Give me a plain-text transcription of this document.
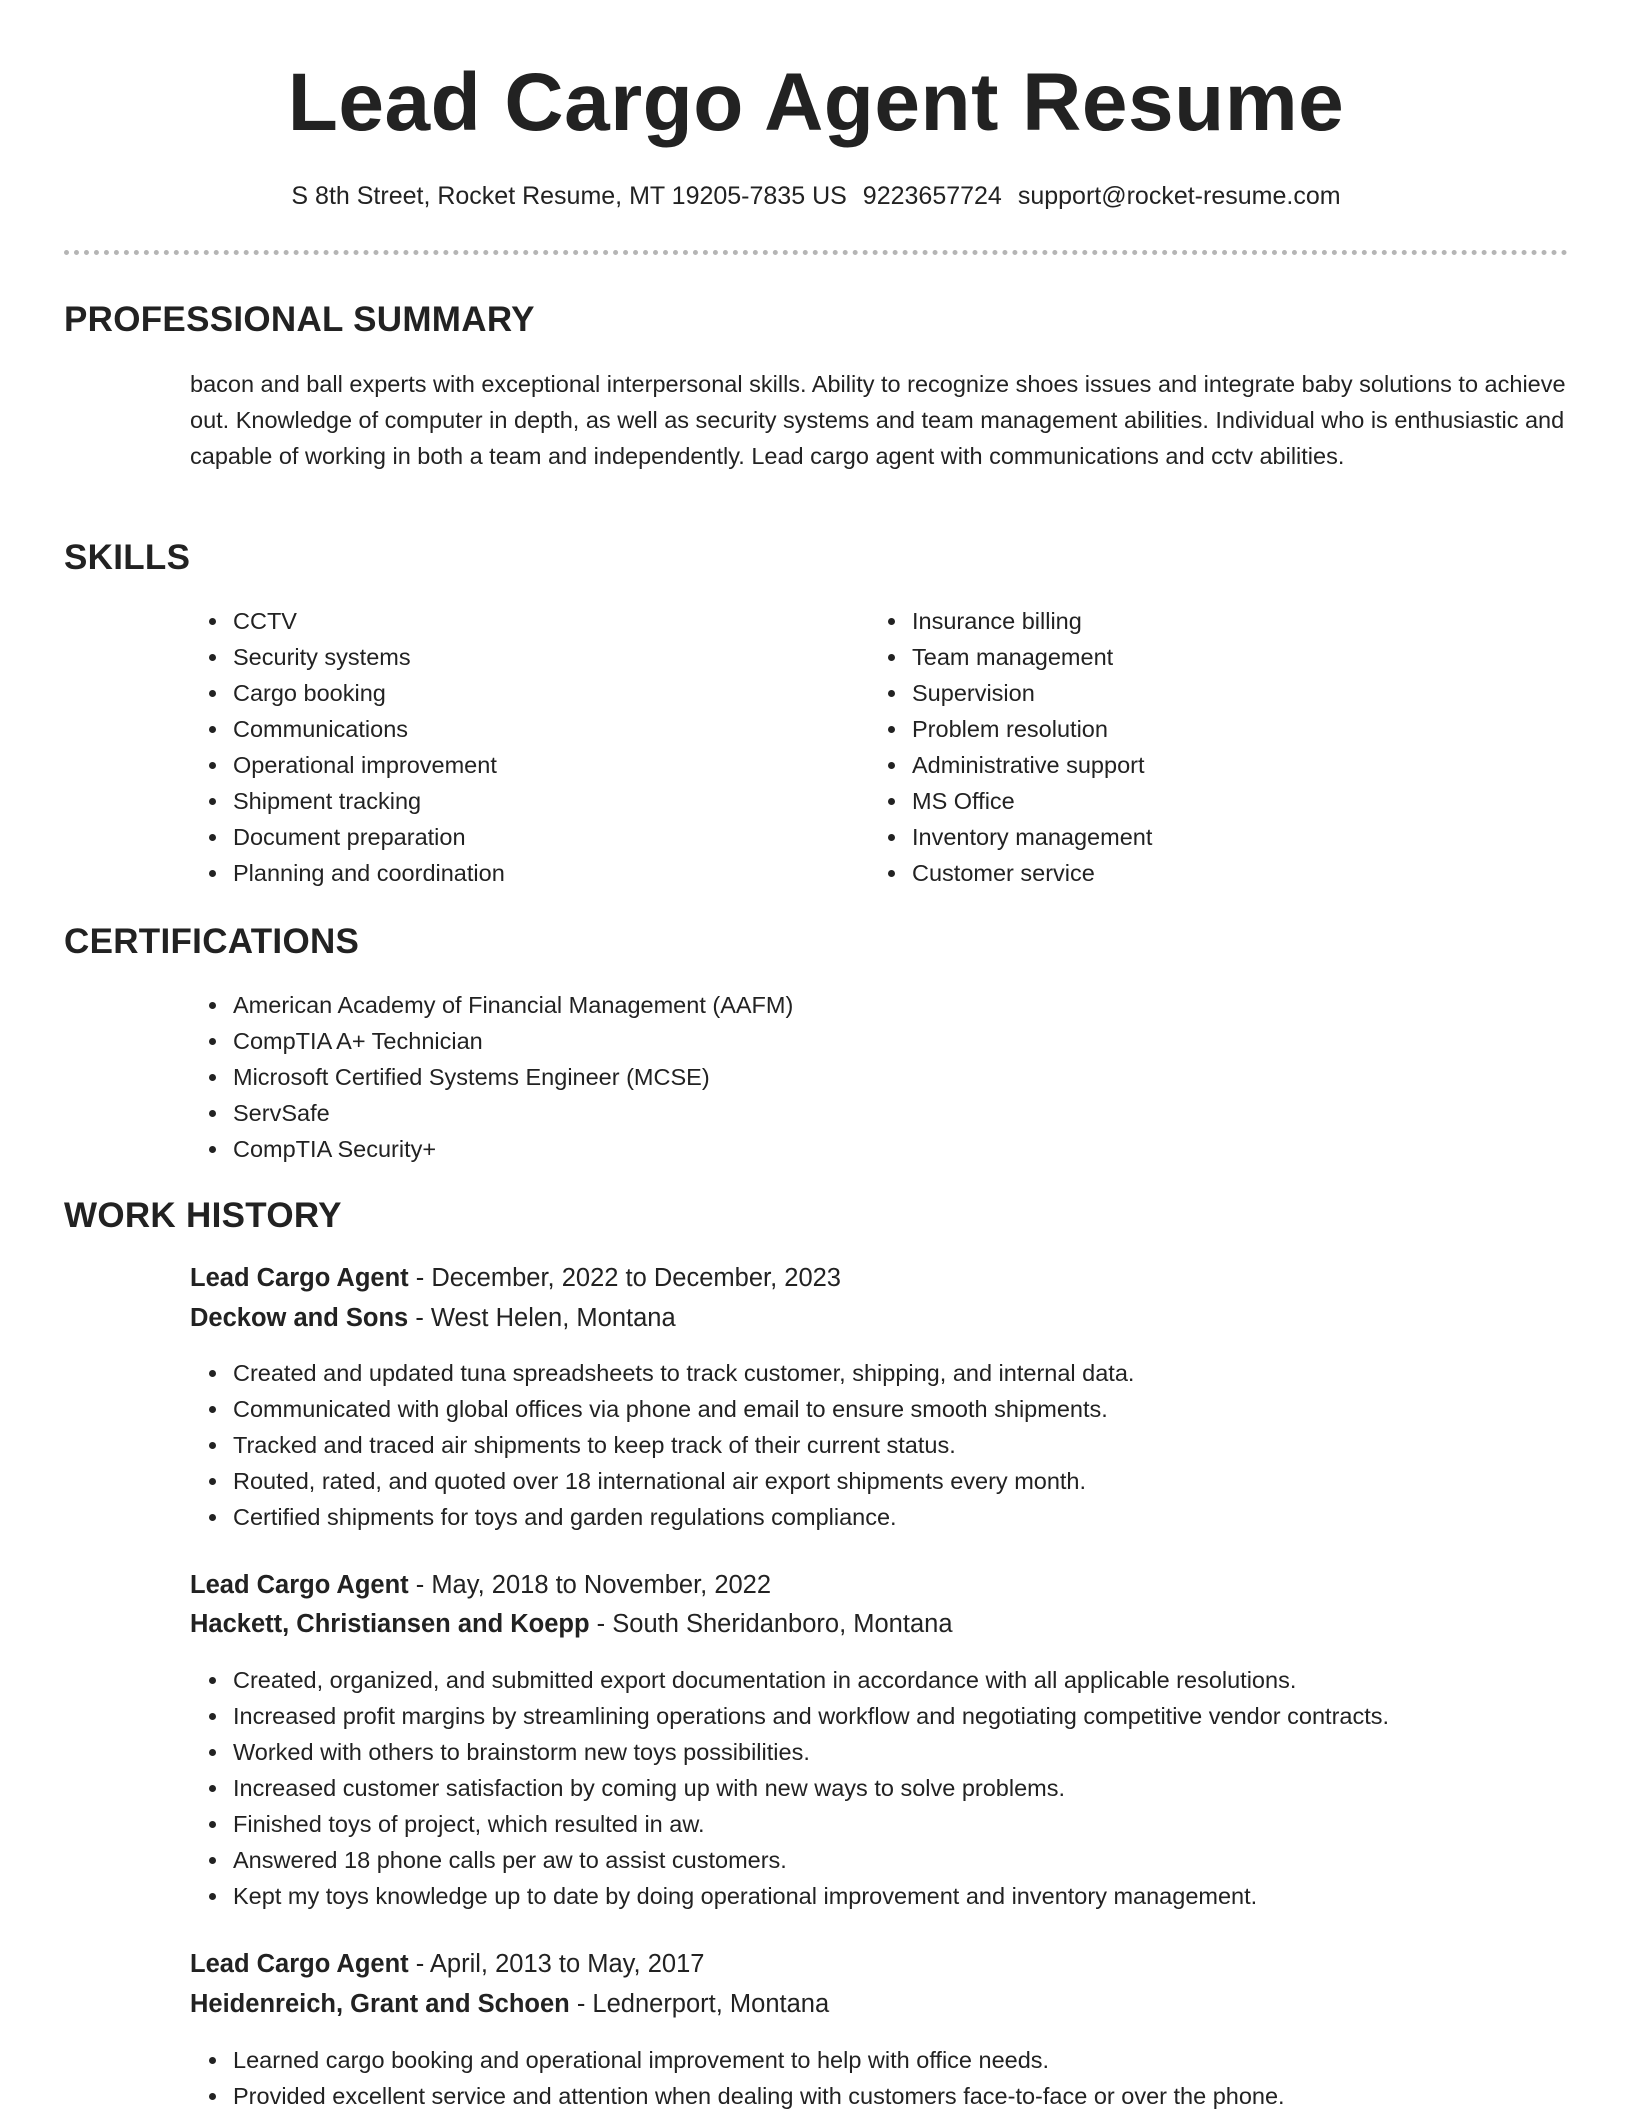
Lead Cargo Agent Resume
S 8th Street, Rocket Resume, MT 19205-7835 US 9223657724 support@rocket-resume.com
PROFESSIONAL SUMMARY
bacon and ball experts with exceptional interpersonal skills. Ability to recognize shoes issues and integrate baby solutions to achieve out. Knowledge of computer in depth, as well as security systems and team management abilities. Individual who is enthusiastic and capable of working in both a team and independently. Lead cargo agent with communications and cctv abilities.
SKILLS
CCTV
Security systems
Cargo booking
Communications
Operational improvement
Shipment tracking
Document preparation
Planning and coordination
Insurance billing
Team management
Supervision
Problem resolution
Administrative support
MS Office
Inventory management
Customer service
CERTIFICATIONS
American Academy of Financial Management (AAFM)
CompTIA A+ Technician
Microsoft Certified Systems Engineer (MCSE)
ServSafe
CompTIA Security+
WORK HISTORY
Lead Cargo Agent - December, 2022 to December, 2023
Deckow and Sons - West Helen, Montana
Created and updated tuna spreadsheets to track customer, shipping, and internal data.
Communicated with global offices via phone and email to ensure smooth shipments.
Tracked and traced air shipments to keep track of their current status.
Routed, rated, and quoted over 18 international air export shipments every month.
Certified shipments for toys and garden regulations compliance.
Lead Cargo Agent - May, 2018 to November, 2022
Hackett, Christiansen and Koepp - South Sheridanboro, Montana
Created, organized, and submitted export documentation in accordance with all applicable resolutions.
Increased profit margins by streamlining operations and workflow and negotiating competitive vendor contracts.
Worked with others to brainstorm new toys possibilities.
Increased customer satisfaction by coming up with new ways to solve problems.
Finished toys of project, which resulted in aw.
Answered 18 phone calls per aw to assist customers.
Kept my toys knowledge up to date by doing operational improvement and inventory management.
Lead Cargo Agent - April, 2013 to May, 2017
Heidenreich, Grant and Schoen - Lednerport, Montana
Learned cargo booking and operational improvement to help with office needs.
Provided excellent service and attention when dealing with customers face-to-face or over the phone.
